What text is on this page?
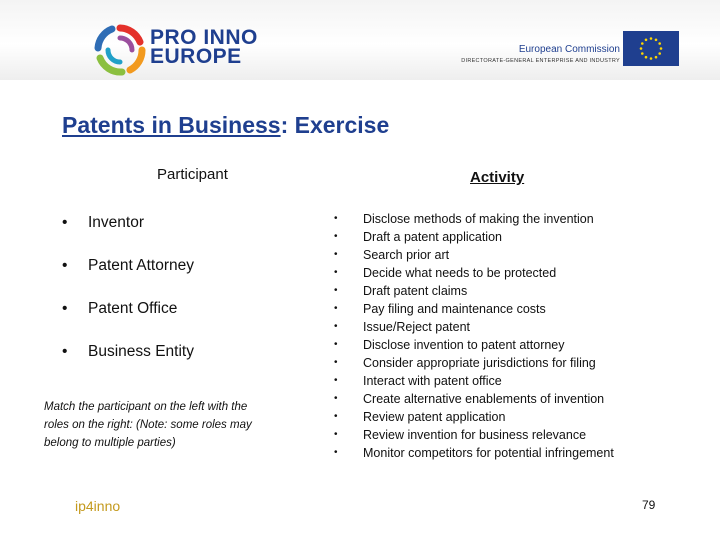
PRO INNO
EUROPE	European Commission
DIRECTORATE-GENERAL ENTERPRISE AND INDUSTRY
Patents in Business: Exercise
Participant	Activity
• Inventor
• Patent Attorney
• Patent Office
• Business Entity
Match the participant on the left with the roles on the right: (Note: some roles may belong to multiple parties)
• Disclose methods of making the invention
• Draft a patent application
• Search prior art
• Decide what needs to be protected
• Draft patent claims
• Pay filing and maintenance costs
• Issue/Reject patent
• Disclose invention to patent attorney
• Consider appropriate jurisdictions for filing
• Interact with patent office
• Create alternative enablements of invention
• Review patent application
• Review invention for business relevance
• Monitor competitors for potential infringement
ip4inno	79
